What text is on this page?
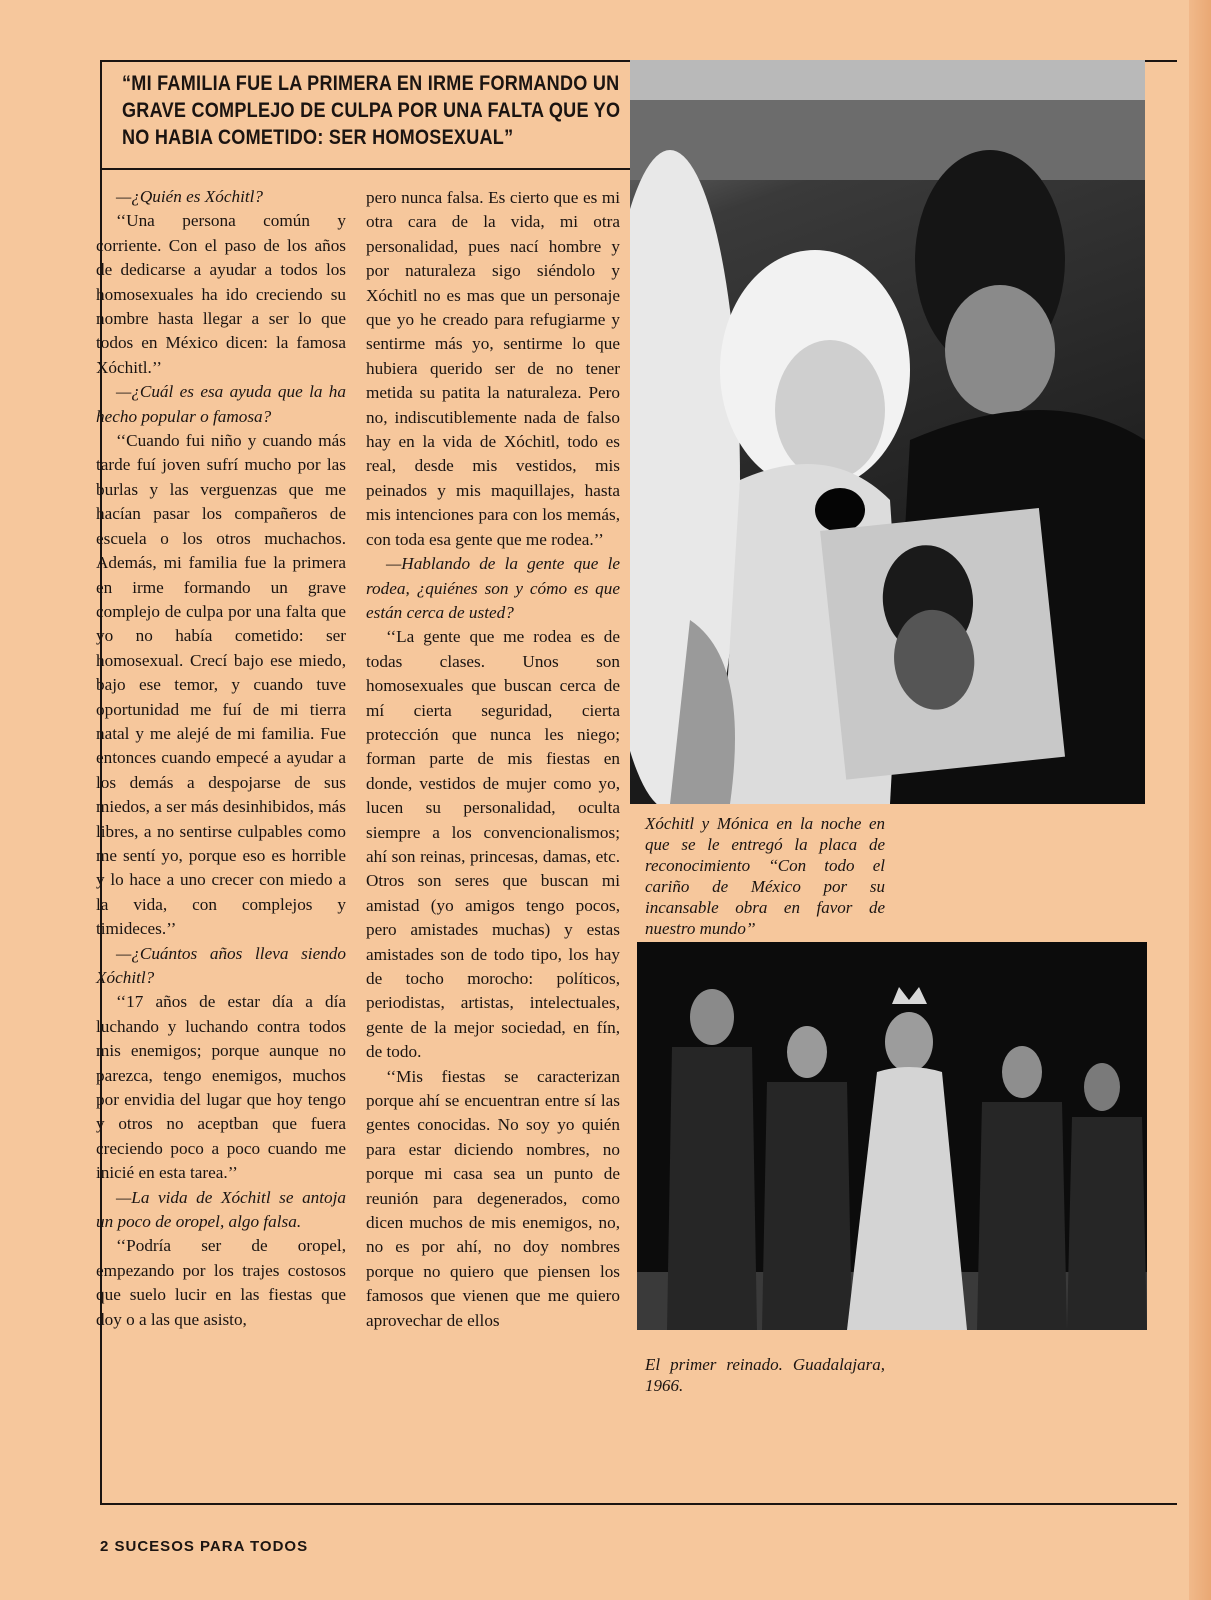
“MI FAMILIA FUE LA PRIMERA EN IRME FORMANDO UN GRAVE COMPLEJO DE CULPA POR UNA FALTA QUE YO NO HABIA COMETIDO: SER HOMOSEXUAL”

—¿Quién es Xóchitl?

‘‘Una persona común y corriente. Con el paso de los años de dedicarse a ayudar a todos los homosexuales ha ido creciendo su nombre hasta llegar a ser lo que todos en México dicen: la famosa Xóchitl.’’

—¿Cuál es esa ayuda que la ha hecho popular o famosa?

‘‘Cuando fui niño y cuando más tarde fuí joven sufrí mucho por las burlas y las verguenzas que me hacían pasar los compañeros de escuela o los otros muchachos. Además, mi familia fue la primera en irme formando un grave complejo de culpa por una falta que yo no había cometido: ser homosexual. Crecí bajo ese miedo, bajo ese temor, y cuando tuve oportunidad me fuí de mi tierra natal y me alejé de mi familia. Fue entonces cuando empecé a ayudar a los demás a despojarse de sus miedos, a ser más desinhibidos, más libres, a no sentirse culpables como me sentí yo, porque eso es horrible y lo hace a uno crecer con miedo a la vida, con complejos y timideces.’’

—¿Cuántos años lleva siendo Xóchitl?

‘‘17 años de estar día a día luchando y luchando contra todos mis enemigos; porque aunque no parezca, tengo enemigos, muchos por envidia del lugar que hoy tengo y otros no aceptban que fuera creciendo poco a poco cuando me inicié en esta tarea.’’

—La vida de Xóchitl se antoja un poco de oropel, algo falsa.

‘‘Podría ser de oropel, empezando por los trajes costosos que suelo lucir en las fiestas que doy o a las que asisto,

pero nunca falsa. Es cierto que es mi otra cara de la vida, mi otra personalidad, pues nací hombre y por naturaleza sigo siéndolo y Xóchitl no es mas que un personaje que yo he creado para refugiarme y sentirme más yo, sentirme lo que hubiera querido ser de no tener metida su patita la naturaleza. Pero no, indiscutiblemente nada de falso hay en la vida de Xóchitl, todo es real, desde mis vestidos, mis peinados y mis maquillajes, hasta mis intenciones para con los memás, con toda esa gente que me rodea.’’

—Hablando de la gente que le rodea, ¿quiénes son y cómo es que están cerca de usted?

‘‘La gente que me rodea es de todas clases. Unos son homosexuales que buscan cerca de mí cierta seguridad, cierta protección que nunca les niego; forman parte de mis fiestas en donde, vestidos de mujer como yo, lucen su personalidad, oculta siempre a los convencionalismos; ahí son reinas, princesas, damas, etc. Otros son seres que buscan mi amistad (yo amigos tengo pocos, pero amistades muchas) y estas amistades son de todo tipo, los hay de tocho morocho: políticos, periodistas, artistas, intelectuales, gente de la mejor sociedad, en fín, de todo.

‘‘Mis fiestas se caracterizan porque ahí se encuentran entre sí las gentes conocidas. No soy yo quién para estar diciendo nombres, no porque mi casa sea un punto de reunión para degenerados, como dicen muchos de mis enemigos, no, no es por ahí, no doy nombres porque no quiero que piensen los famosos que vienen que me quiero aprovechar de ellos

Xóchitl y Mónica en la noche en que se le entregó la placa de reconocimiento ‘‘Con todo el cariño de México por su incansable obra en favor de nuestro mundo’’
El primer reinado. Guadalajara, 1966.
2 SUCESOS PARA TODOS
